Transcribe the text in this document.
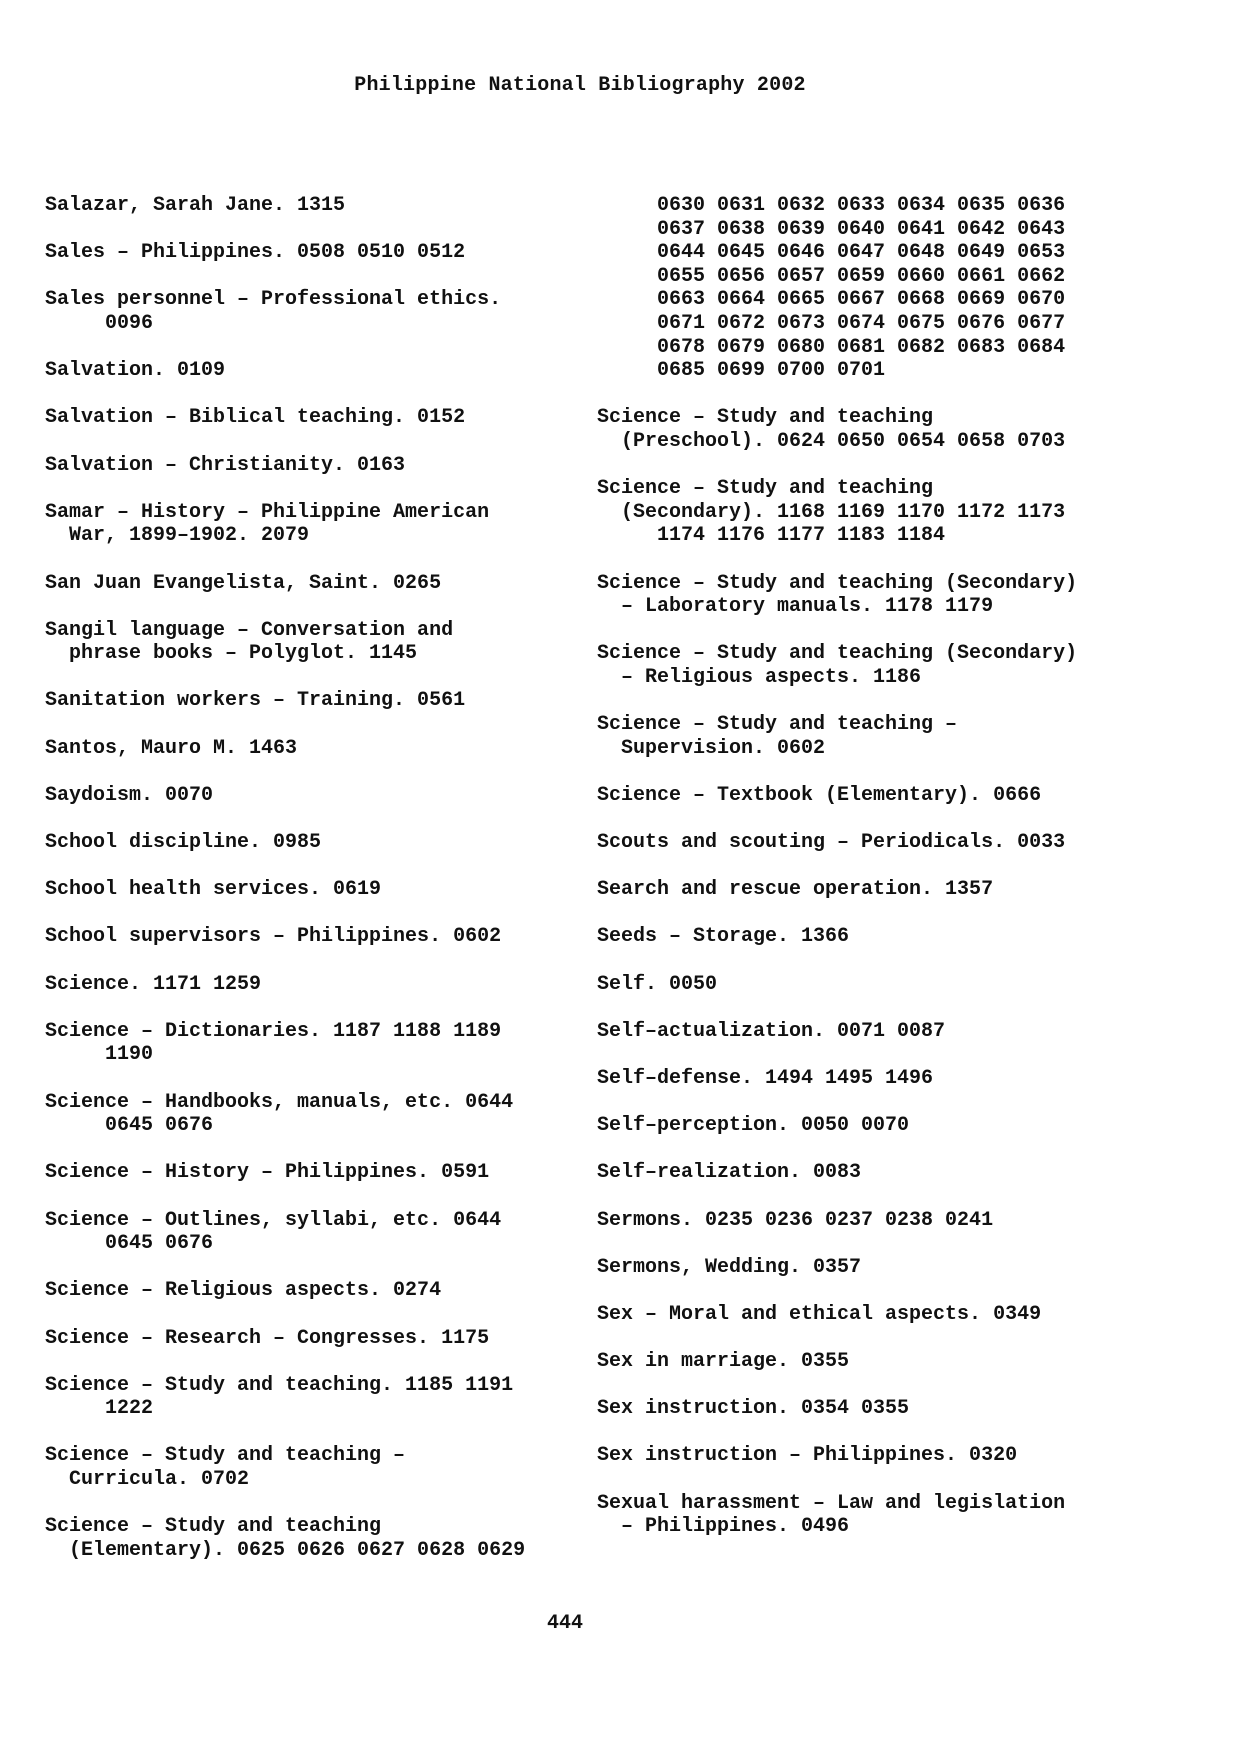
Philippine National Bibliography 2002
Salazar, Sarah Jane. 1315
Sales – Philippines. 0508 0510 0512
Sales personnel – Professional ethics.
0096
Salvation. 0109
Salvation – Biblical teaching. 0152
Salvation – Christianity. 0163
Samar – History – Philippine American
War, 1899–1902. 2079
San Juan Evangelista, Saint. 0265
Sangil language – Conversation and
phrase books – Polyglot. 1145
Sanitation workers – Training. 0561
Santos, Mauro M. 1463
Saydoism. 0070
School discipline. 0985
School health services. 0619
School supervisors – Philippines. 0602
Science. 1171 1259
Science – Dictionaries. 1187 1188 1189
1190
Science – Handbooks, manuals, etc. 0644
0645 0676
Science – History – Philippines. 0591
Science – Outlines, syllabi, etc. 0644
0645 0676
Science – Religious aspects. 0274
Science – Research – Congresses. 1175
Science – Study and teaching. 1185 1191
1222
Science – Study and teaching –
Curricula. 0702
Science – Study and teaching
(Elementary). 0625 0626 0627 0628 0629
0630 0631 0632 0633 0634 0635 0636
0637 0638 0639 0640 0641 0642 0643
0644 0645 0646 0647 0648 0649 0653
0655 0656 0657 0659 0660 0661 0662
0663 0664 0665 0667 0668 0669 0670
0671 0672 0673 0674 0675 0676 0677
0678 0679 0680 0681 0682 0683 0684
0685 0699 0700 0701
Science – Study and teaching
(Preschool). 0624 0650 0654 0658 0703
Science – Study and teaching
(Secondary). 1168 1169 1170 1172 1173
1174 1176 1177 1183 1184
Science – Study and teaching (Secondary)
– Laboratory manuals. 1178 1179
Science – Study and teaching (Secondary)
– Religious aspects. 1186
Science – Study and teaching –
Supervision. 0602
Science – Textbook (Elementary). 0666
Scouts and scouting – Periodicals. 0033
Search and rescue operation. 1357
Seeds – Storage. 1366
Self. 0050
Self–actualization. 0071 0087
Self–defense. 1494 1495 1496
Self–perception. 0050 0070
Self–realization. 0083
Sermons. 0235 0236 0237 0238 0241
Sermons, Wedding. 0357
Sex – Moral and ethical aspects. 0349
Sex in marriage. 0355
Sex instruction. 0354 0355
Sex instruction – Philippines. 0320
Sexual harassment – Law and legislation
– Philippines. 0496
444
